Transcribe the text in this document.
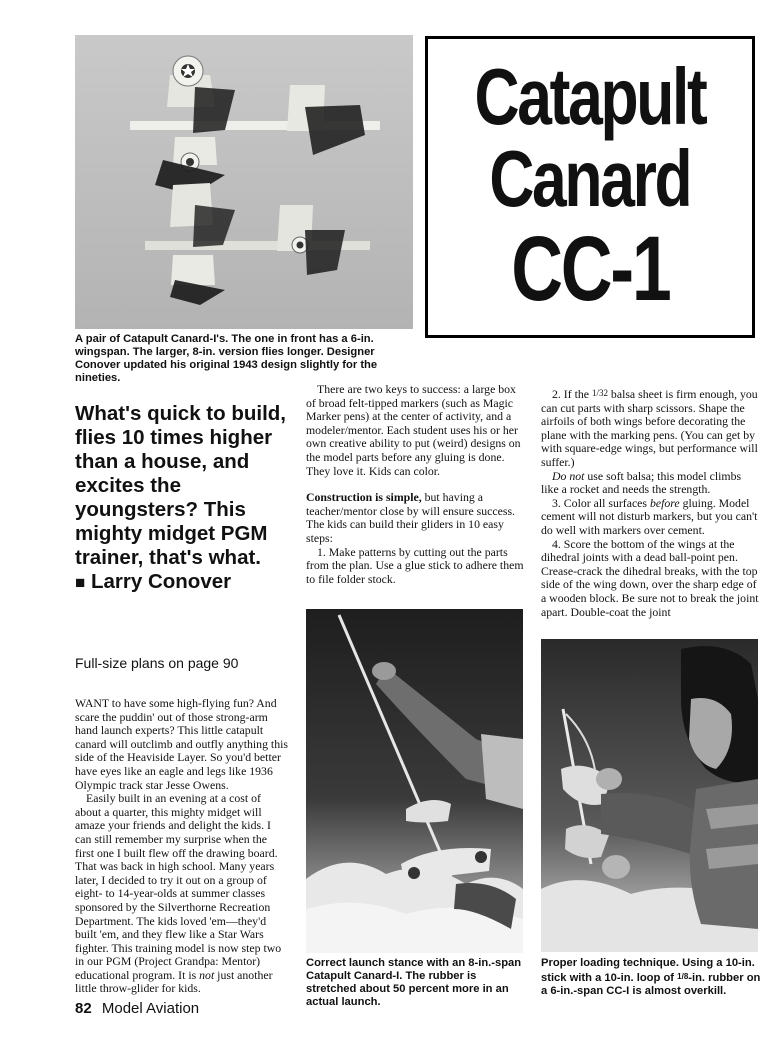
A pair of Catapult Canard-I's. The one in front has a 6-in. wingspan. The larger, 8-in. version flies longer. Designer Conover updated his original 1943 design slightly for the nineties.
Catapult
Canard
CC-1
What's quick to build, flies 10 times higher than a house, and excites the youngsters? This mighty midget PGM trainer, that's what.
■ Larry Conover
Full-size plans on page 90

WANT to have some high-flying fun? And scare the puddin' out of those strong-arm hand launch experts? This little catapult canard will outclimb and outfly anything this side of the Heaviside Layer. So you'd better have eyes like an eagle and legs like 1936 Olympic track star Jesse Owens.

Easily built in an evening at a cost of about a quarter, this mighty midget will amaze your friends and delight the kids. I can still remember my surprise when the first one I built flew off the drawing board. That was back in high school. Many years later, I decided to try it out on a group of eight- to 14-year-olds at summer classes sponsored by the Silverthorne Recreation Department. The kids loved 'em—they'd built 'em, and they flew like a Star Wars fighter. This training model is now step two in our PGM (Project Grandpa: Mentor) educational program. It is not just another little throw-glider for kids.

There are two keys to success: a large box of broad felt-tipped markers (such as Magic Marker pens) at the center of activity, and a modeler/mentor. Each student uses his or her own creative ability to put (weird) designs on the model parts before any gluing is done. They love it. Kids can color.

Construction is simple, but having a teacher/mentor close by will ensure success. The kids can build their gliders in 10 easy steps:

1. Make patterns by cutting out the parts from the plan. Use a glue stick to adhere them to file folder stock.

2. If the 1/32 balsa sheet is firm enough, you can cut parts with sharp scissors. Shape the airfoils of both wings before decorating the plane with the marking pens. (You can get by with square-edge wings, but performance will suffer.)

Do not use soft balsa; this model climbs like a rocket and needs the strength.

3. Color all surfaces before gluing. Model cement will not disturb markers, but you can't do well with markers over cement.

4. Score the bottom of the wings at the dihedral joints with a dead ball-point pen. Crease-crack the dihedral breaks, with the top side of the wing down, over the sharp edge of a wooden block. Be sure not to break the joint apart. Double-coat the joint

Correct launch stance with an 8-in.-span Catapult Canard-I. The rubber is stretched about 50 percent more in an actual launch.
Proper loading technique. Using a 10-in. stick with a 10-in. loop of 1/8-in. rubber on a 6-in.-span CC-I is almost overkill.
82 Model Aviation
